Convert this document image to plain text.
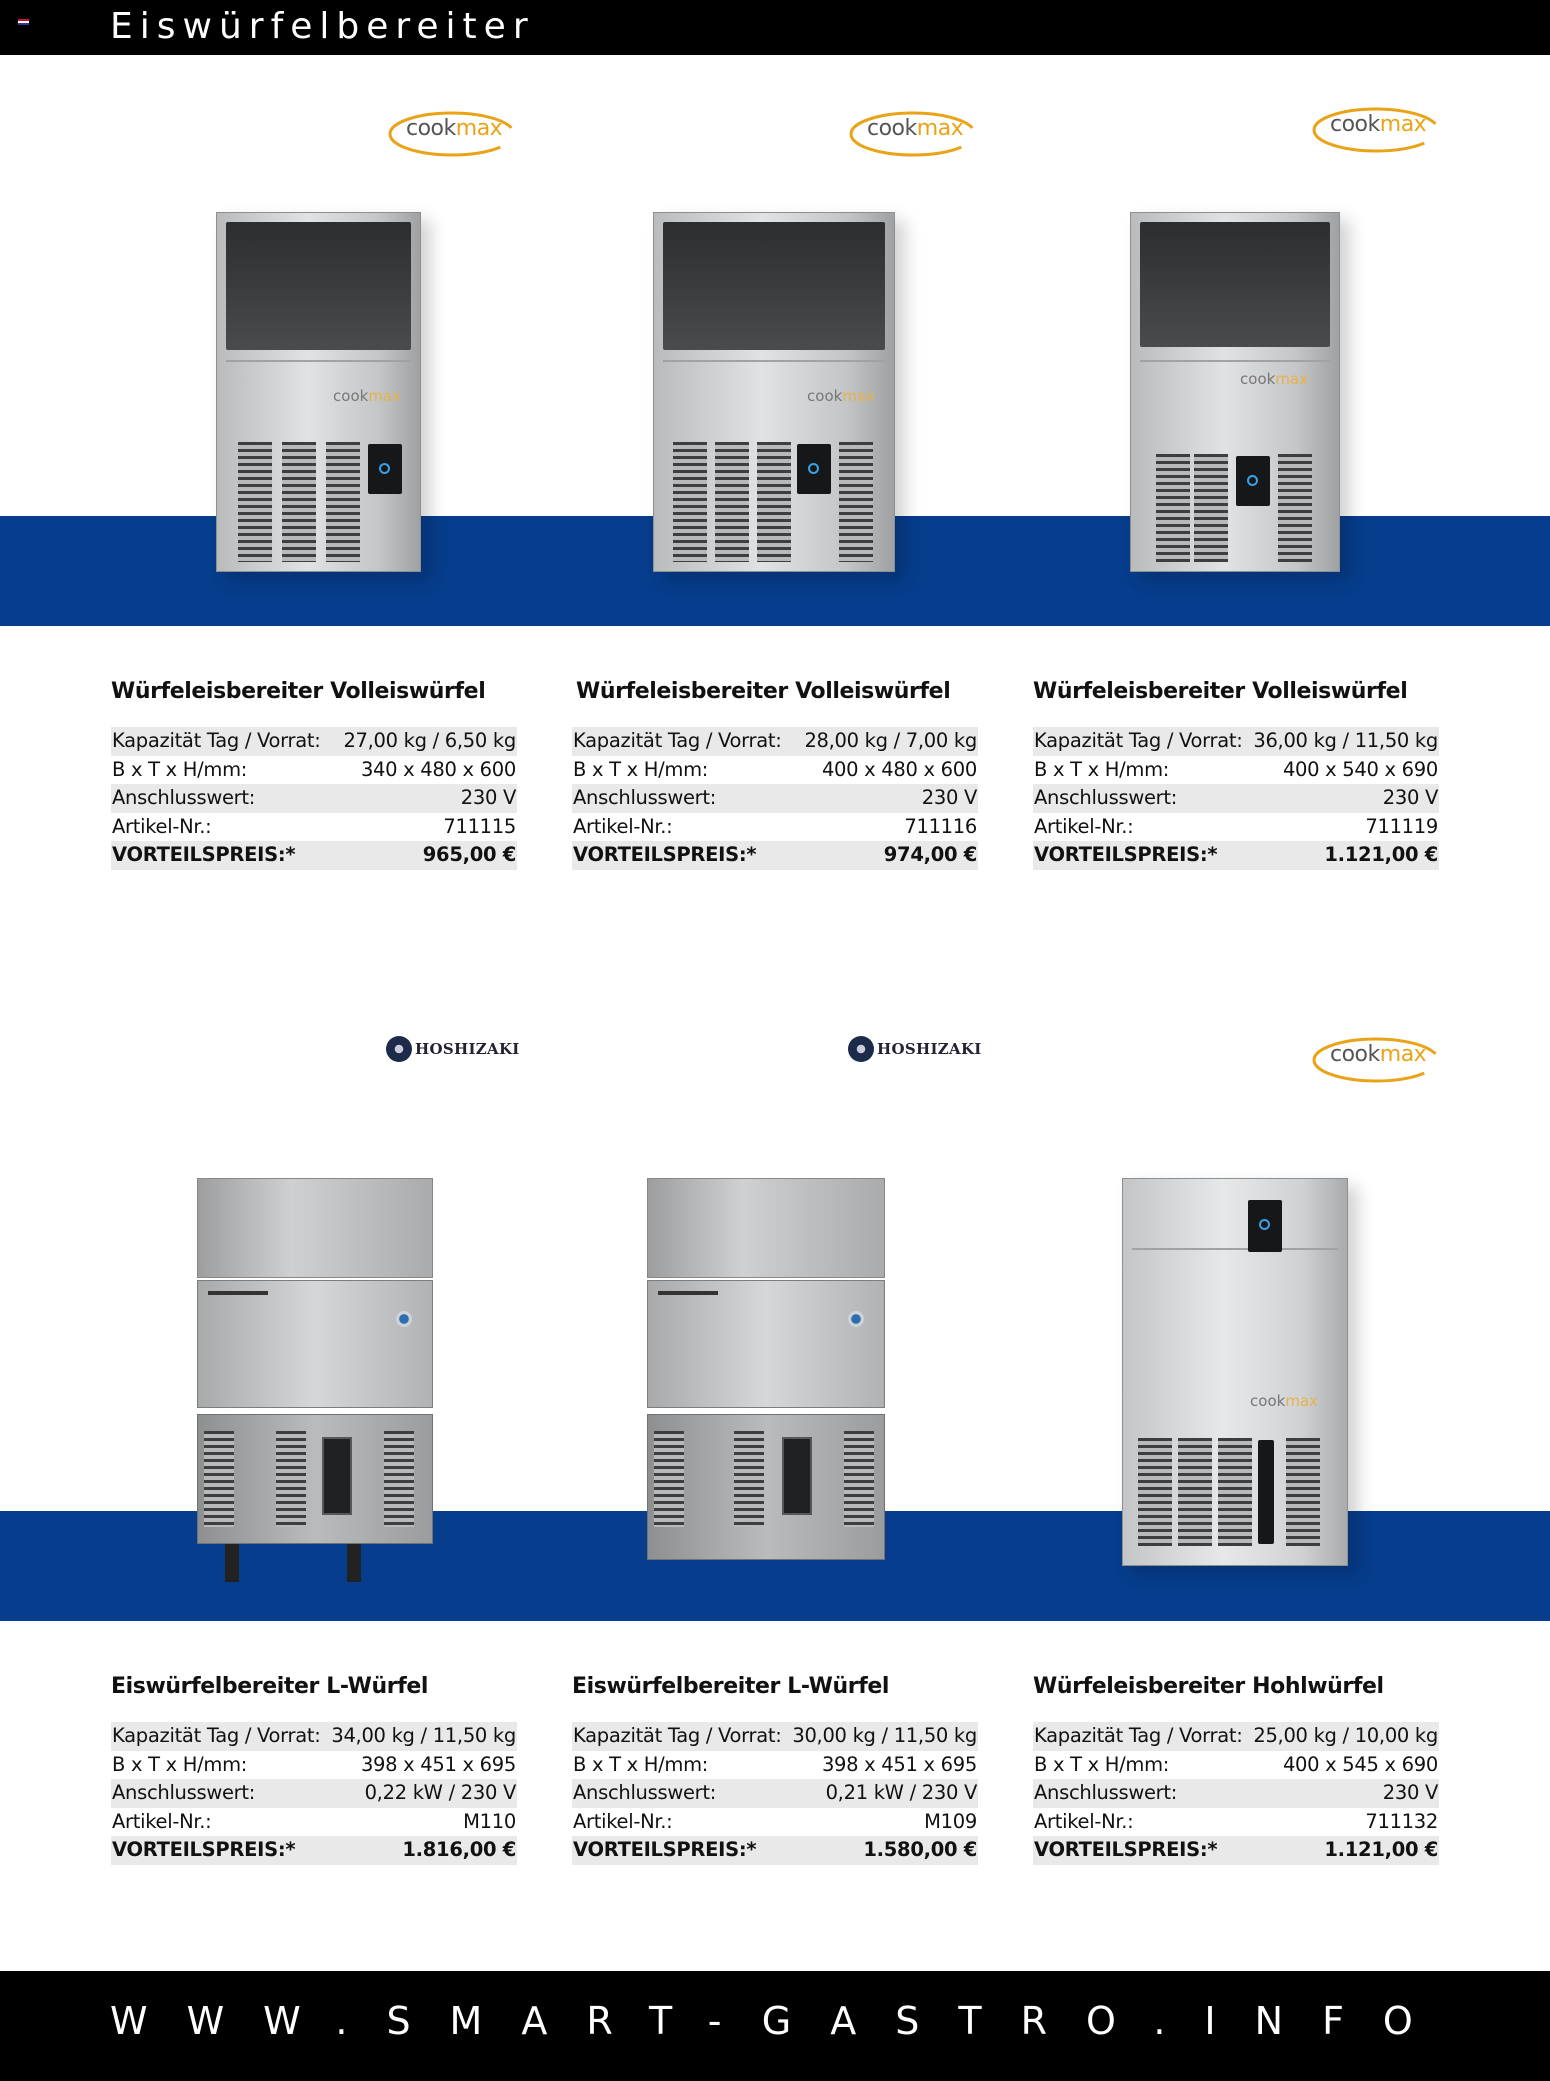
Eiswürfelbereiter
cookmax	cookmax	cookmax
cookmax	cookmax
cookmax
Würfeleisbereiter Volleiswürfel
Kapazität Tag / Vorrat: 27,00 kg / 6,50 kg
B x T x H/mm:	340 x 480 x 600
Anschlusswert:	230 V
Artikel-Nr.:	711115
VORTEILSPREIS:*	965,00 €
Würfeleisbereiter Volleiswürfel
Kapazität Tag / Vorrat: 28,00 kg / 7,00 kg
B x T x H/mm:	400 x 480 x 600
Anschlusswert:	230 V
Artikel-Nr.:	711116
VORTEILSPREIS:*	974,00 €
Würfeleisbereiter Volleiswürfel
Kapazität Tag / Vorrat: 36,00 kg / 11,50 kg
B x T x H/mm:	400 x 540 x 690
Anschlusswert:	230 V
Artikel-Nr.:	711119
VORTEILSPREIS:*	1.121,00 €
HOSHIZAKI	HOSHIZAKI	cookmax
cookmax
Eiswürfelbereiter L-Würfel
Kapazität Tag / Vorrat: 34,00 kg / 11,50 kg
B x T x H/mm:	398 x 451 x 695
Anschlusswert:	0,22 kW / 230 V
Artikel-Nr.:	M110
VORTEILSPREIS:*	1.816,00 €
Eiswürfelbereiter L-Würfel
Kapazität Tag / Vorrat: 30,00 kg / 11,50 kg
B x T x H/mm:	398 x 451 x 695
Anschlusswert:	0,21 kW / 230 V
Artikel-Nr.:	M109
VORTEILSPREIS:*	1.580,00 €
Würfeleisbereiter Hohlwürfel
Kapazität Tag / Vorrat: 25,00 kg / 10,00 kg
B x T x H/mm:	400 x 545 x 690
Anschlusswert:	230 V
Artikel-Nr.:	711132
VORTEILSPREIS:*	1.121,00 €
WWW.SMART-GASTRO.INFO
